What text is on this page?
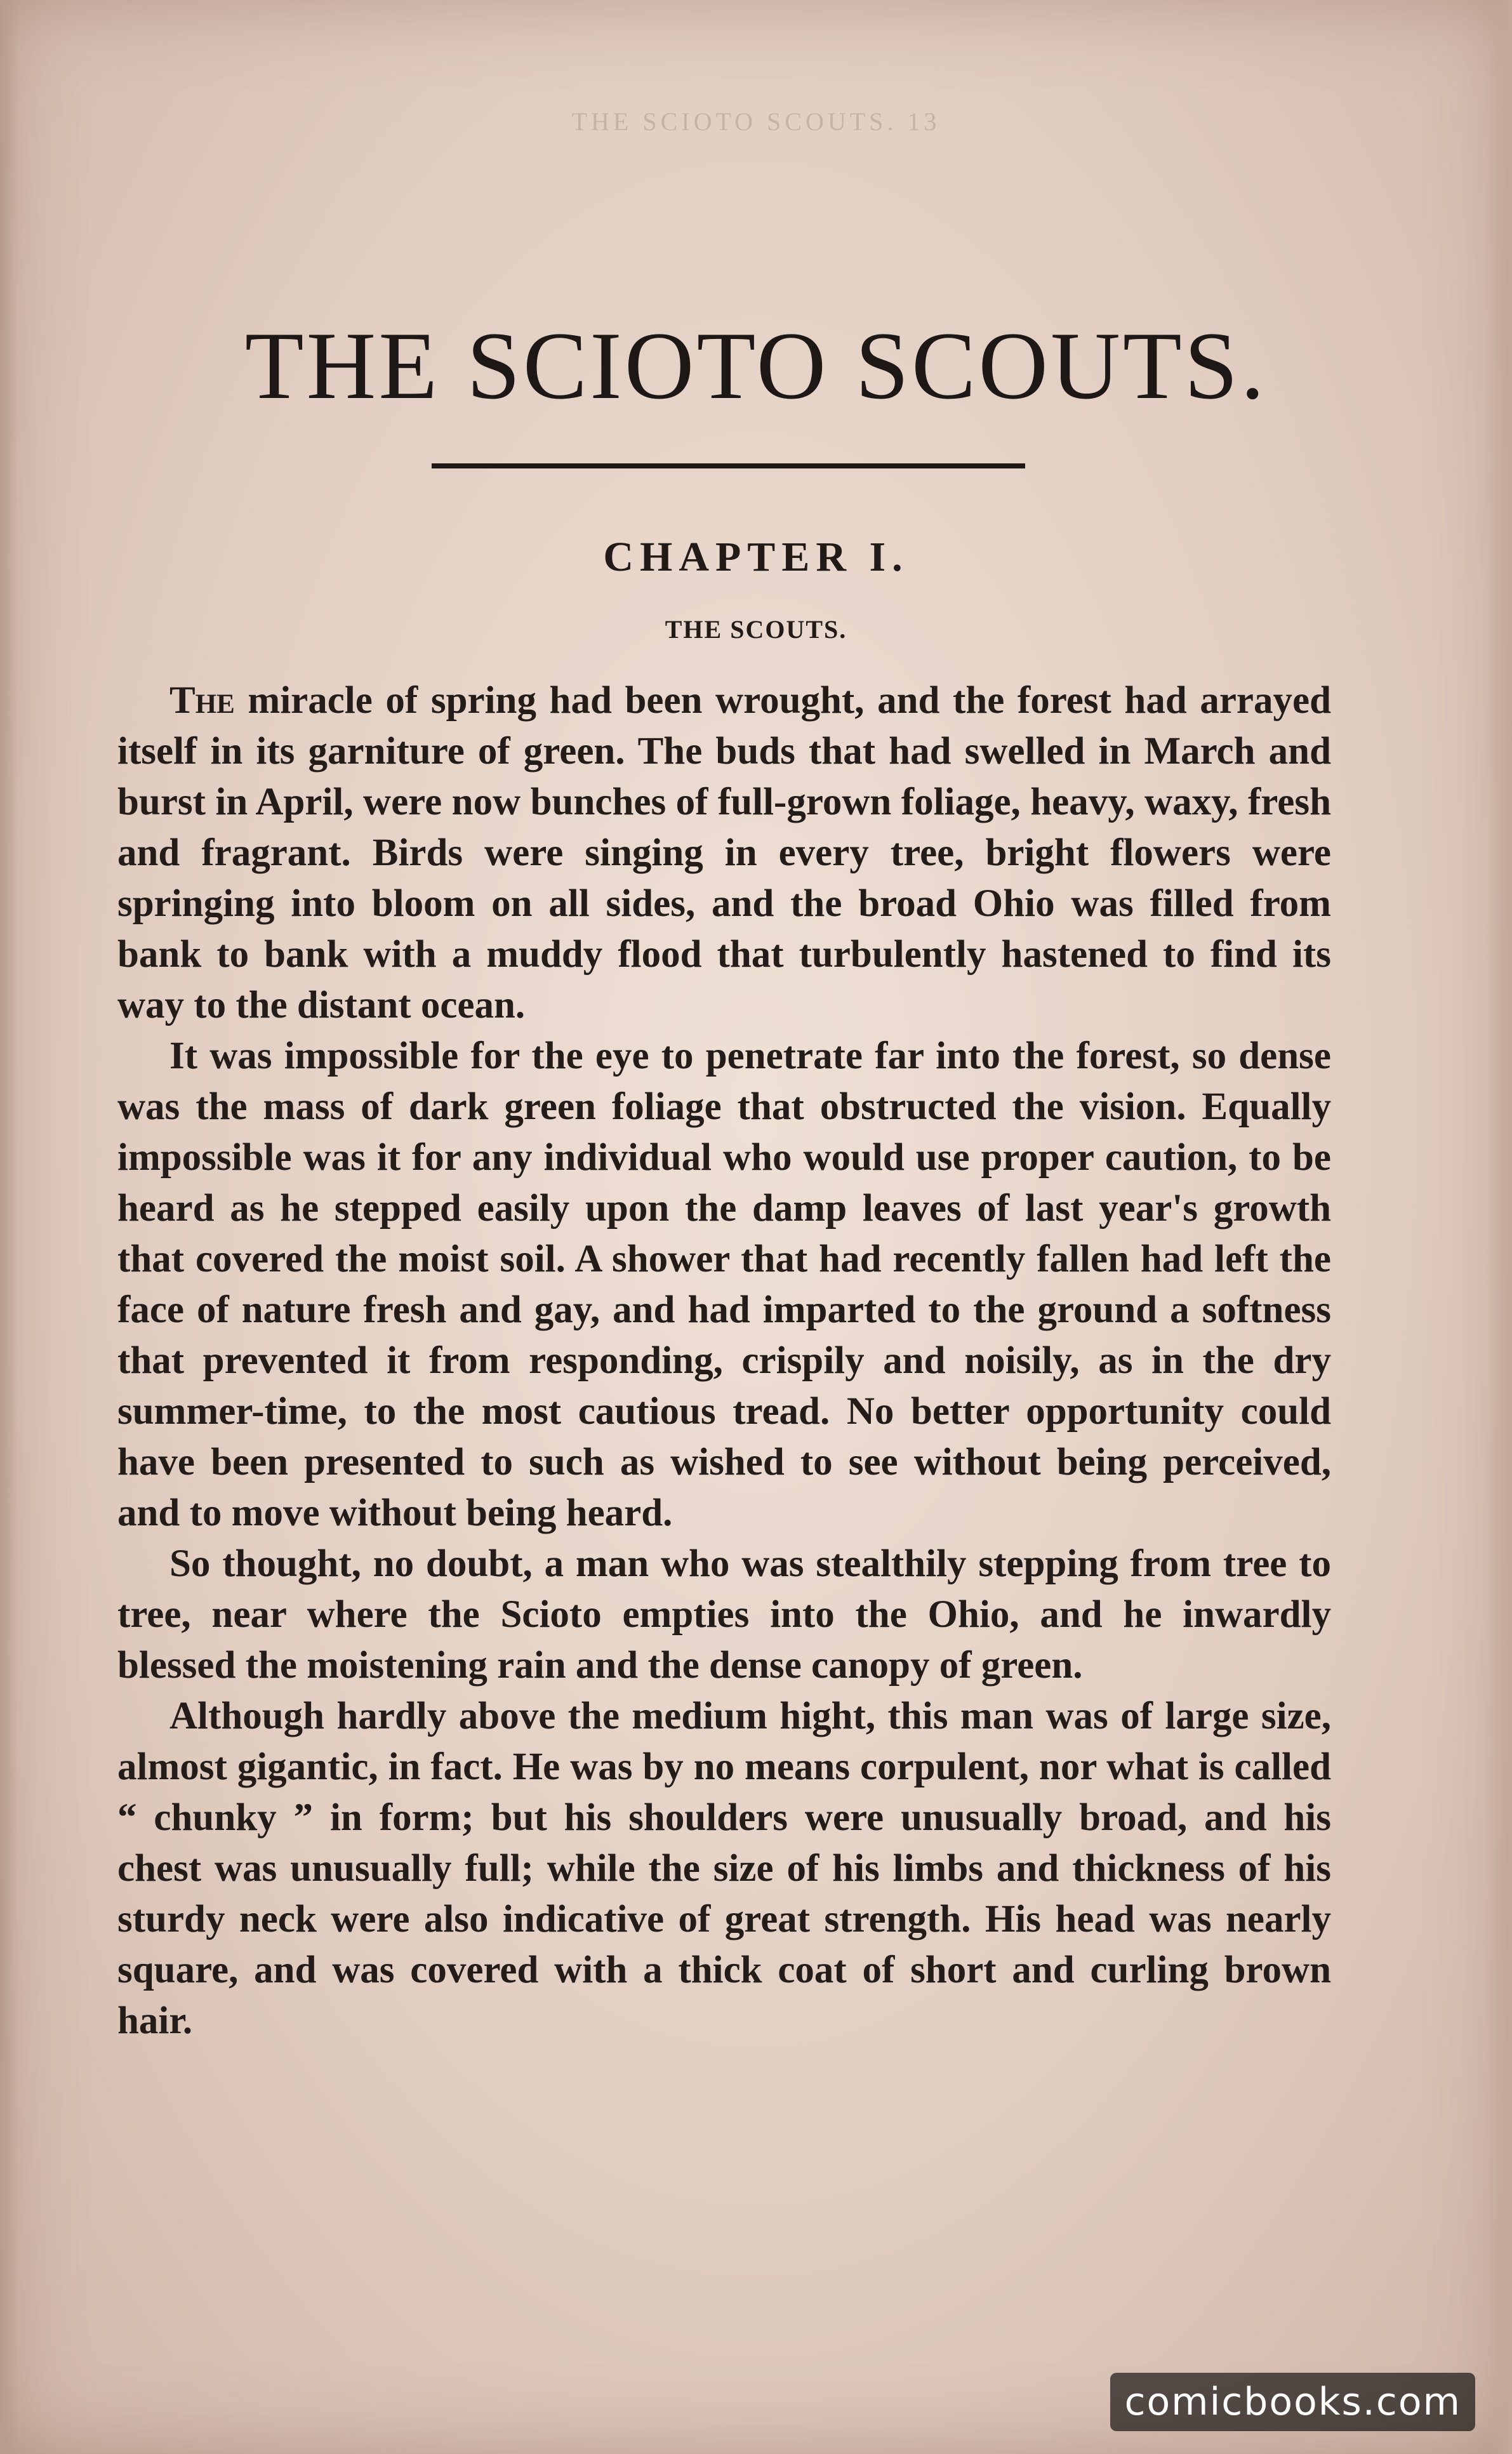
THE SCIOTO SCOUTS. 13
THE SCIOTO SCOUTS.
CHAPTER I.
THE SCOUTS.

The miracle of spring had been wrought, and the forest had arrayed itself in its garniture of green. The buds that had swelled in March and burst in April, were now bunches of full-grown foliage, heavy, waxy, fresh and fragrant. Birds were singing in every tree, bright flowers were springing into bloom on all sides, and the broad Ohio was filled from bank to bank with a muddy flood that turbulently hastened to find its way to the distant ocean.

It was impossible for the eye to penetrate far into the forest, so dense was the mass of dark green foliage that obstructed the vision. Equally impossible was it for any individual who would use proper caution, to be heard as he stepped easily upon the damp leaves of last year's growth that covered the moist soil. A shower that had recently fallen had left the face of nature fresh and gay, and had imparted to the ground a softness that prevented it from responding, crispily and noisily, as in the dry summer-time, to the most cautious tread. No better opportunity could have been presented to such as wished to see without being perceived, and to move without being heard.

So thought, no doubt, a man who was stealthily stepping from tree to tree, near where the Scioto empties into the Ohio, and he inwardly blessed the moistening rain and the dense canopy of green.

Although hardly above the medium hight, this man was of large size, almost gigantic, in fact. He was by no means corpulent, nor what is called “ chunky ” in form; but his shoulders were unusually broad, and his chest was unusually full; while the size of his limbs and thickness of his sturdy neck were also indicative of great strength. His head was nearly square, and was covered with a thick coat of short and curling brown hair.

comicbooks.com
